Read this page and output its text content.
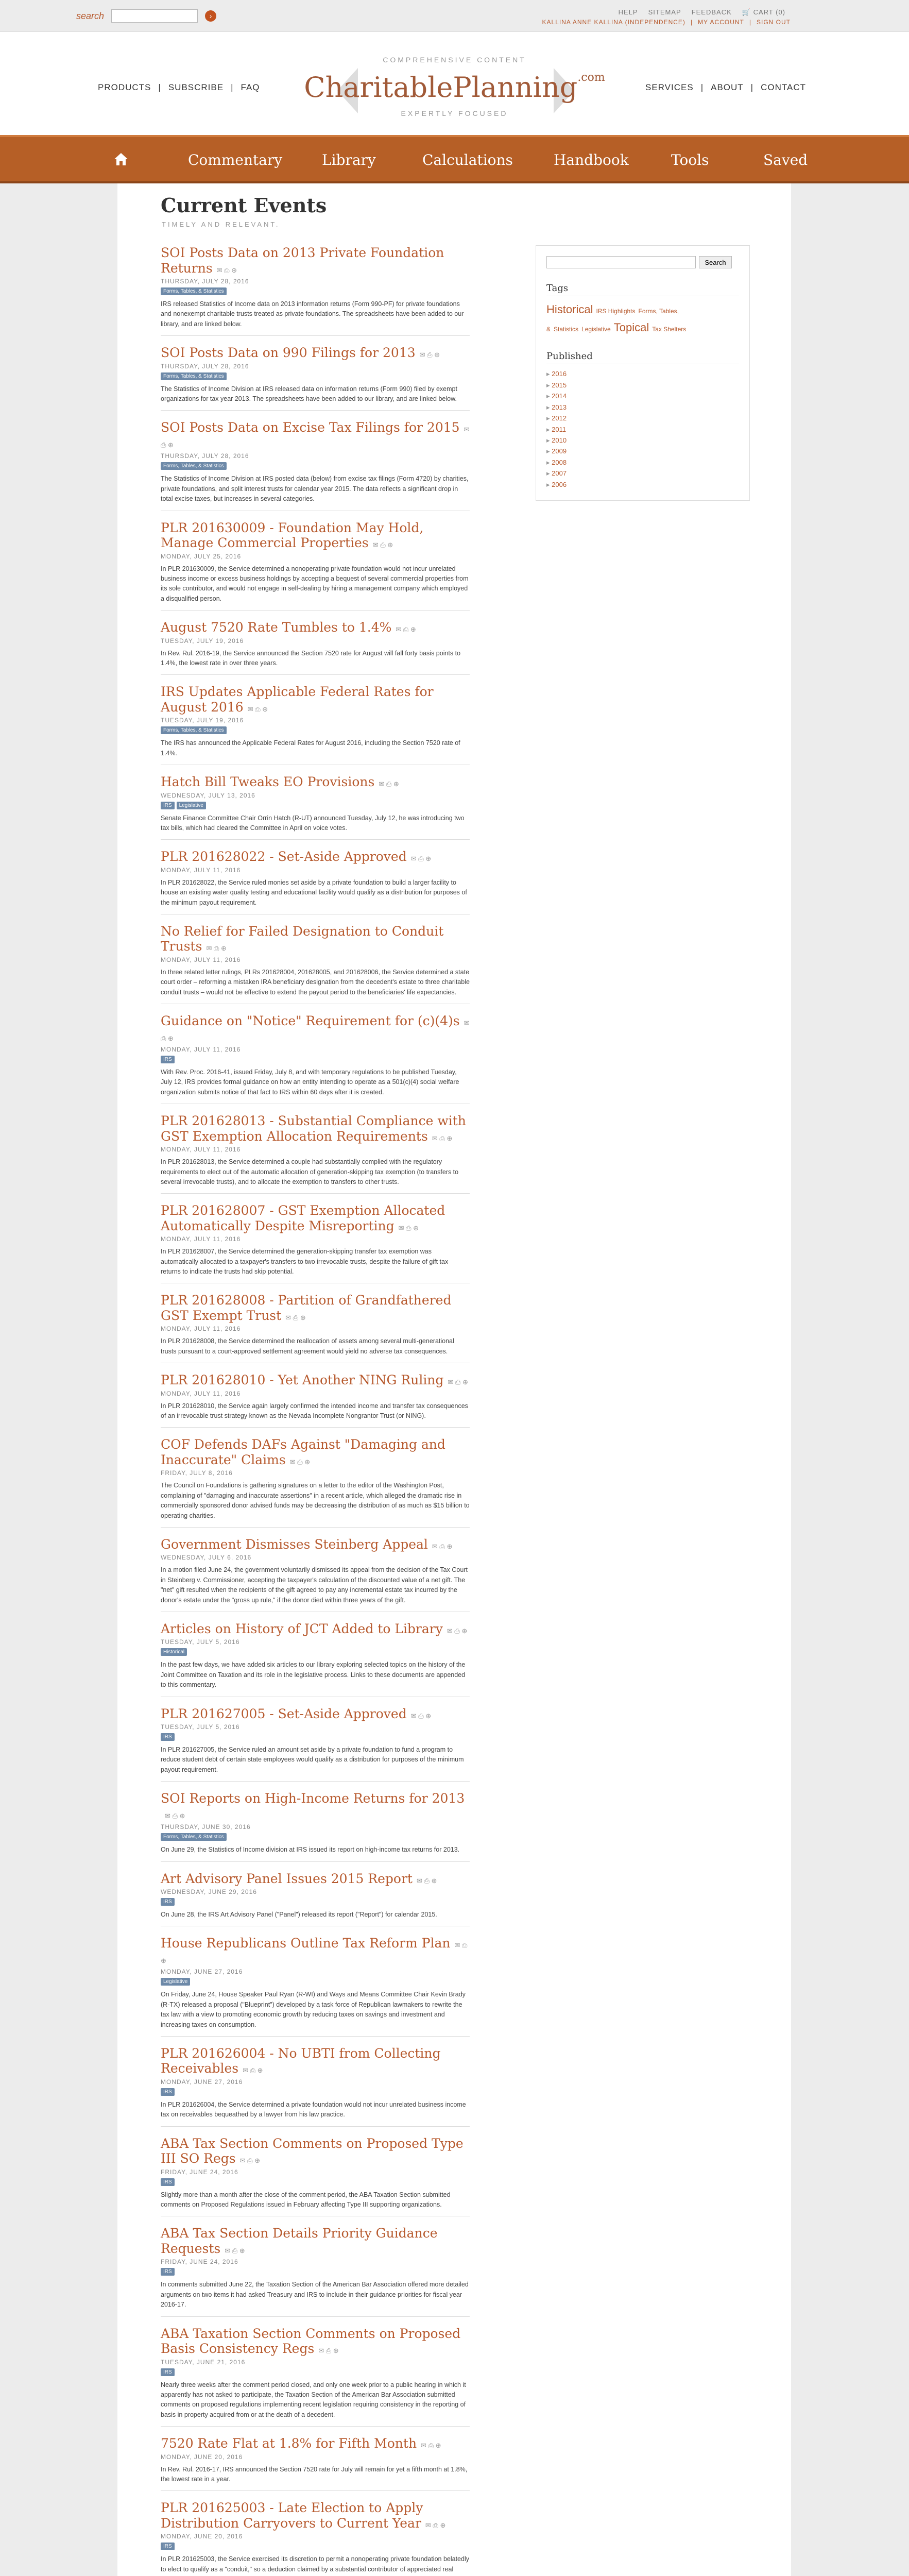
search	›	HELP SITEMAP FEEDBACK 🛒 CART (0)
KALLINA ANNE KALLINA (INDEPENDENCE) | MY ACCOUNT | SIGN OUT
COMPREHENSIVE CONTENT
CharitablePlanning$^{.com}$
EXPERTLY FOCUSED
PRODUCTS | SUBSCRIBE | FAQ	SERVICES | ABOUT | CONTACT
Commentary	Library	Calculations	Handbook	Tools	Saved
Current Events
TIMELY AND RELEVANT.
SOI Posts Data on 2013 Private Foundation Returns ✉ ⎙ ⊕
THURSDAY, JULY 28, 2016
Forms, Tables, & Statistics
IRS released Statistics of Income data on 2013 information returns (Form 990-PF) for private foundations and nonexempt charitable trusts treated as private foundations. The spreadsheets have been added to our library, and are linked below.
SOI Posts Data on 990 Filings for 2013 ✉ ⎙ ⊕
THURSDAY, JULY 28, 2016
Forms, Tables, & Statistics
The Statistics of Income Division at IRS released data on information returns (Form 990) filed by exempt organizations for tax year 2013. The spreadsheets have been added to our library, and are linked below.
SOI Posts Data on Excise Tax Filings for 2015 ✉ ⎙ ⊕
THURSDAY, JULY 28, 2016
Forms, Tables, & Statistics
The Statistics of Income Division at IRS posted data (below) from excise tax filings (Form 4720) by charities, private foundations, and split interest trusts for calendar year 2015. The data reflects a significant drop in total excise taxes, but increases in several categories.
PLR 201630009 - Foundation May Hold, Manage Commercial Properties ✉ ⎙ ⊕
MONDAY, JULY 25, 2016
In PLR 201630009, the Service determined a nonoperating private foundation would not incur unrelated business income or excess business holdings by accepting a bequest of several commercial properties from its sole contributor, and would not engage in self-dealing by hiring a management company which employed a disqualified person.
August 7520 Rate Tumbles to 1.4% ✉ ⎙ ⊕
TUESDAY, JULY 19, 2016
In Rev. Rul. 2016-19, the Service announced the Section 7520 rate for August will fall forty basis points to 1.4%, the lowest rate in over three years.
IRS Updates Applicable Federal Rates for August 2016 ✉ ⎙ ⊕
TUESDAY, JULY 19, 2016
Forms, Tables, & Statistics
The IRS has announced the Applicable Federal Rates for August 2016, including the Section 7520 rate of 1.4%.
Hatch Bill Tweaks EO Provisions ✉ ⎙ ⊕
WEDNESDAY, JULY 13, 2016
IRS	Legislative
Senate Finance Committee Chair Orrin Hatch (R-UT) announced Tuesday, July 12, he was introducing two tax bills, which had cleared the Committee in April on voice votes.
PLR 201628022 - Set-Aside Approved ✉ ⎙ ⊕
MONDAY, JULY 11, 2016
In PLR 201628022, the Service ruled monies set aside by a private foundation to build a larger facility to house an existing water quality testing and educational facility would qualify as a distribution for purposes of the minimum payout requirement.
No Relief for Failed Designation to Conduit Trusts ✉ ⎙ ⊕
MONDAY, JULY 11, 2016
In three related letter rulings, PLRs 201628004, 201628005, and 201628006, the Service determined a state court order – reforming a mistaken IRA beneficiary designation from the decedent's estate to three charitable conduit trusts – would not be effective to extend the payout period to the beneficiaries' life expectancies.
Guidance on "Notice" Requirement for (c)(4)s ✉ ⎙ ⊕
MONDAY, JULY 11, 2016
IRS
With Rev. Proc. 2016-41, issued Friday, July 8, and with temporary regulations to be published Tuesday, July 12, IRS provides formal guidance on how an entity intending to operate as a 501(c)(4) social welfare organization submits notice of that fact to IRS within 60 days after it is created.
PLR 201628013 - Substantial Compliance with GST Exemption Allocation Requirements ✉ ⎙ ⊕
MONDAY, JULY 11, 2016
In PLR 201628013, the Service determined a couple had substantially complied with the regulatory requirements to elect out of the automatic allocation of generation-skipping tax exemption (to transfers to several irrevocable trusts), and to allocate the exemption to transfers to other trusts.
PLR 201628007 - GST Exemption Allocated Automatically Despite Misreporting ✉ ⎙ ⊕
MONDAY, JULY 11, 2016
In PLR 201628007, the Service determined the generation-skipping transfer tax exemption was automatically allocated to a taxpayer's transfers to two irrevocable trusts, despite the failure of gift tax returns to indicate the trusts had skip potential.
PLR 201628008 - Partition of Grandfathered GST Exempt Trust ✉ ⎙ ⊕
MONDAY, JULY 11, 2016
In PLR 201628008, the Service determined the reallocation of assets among several multi-generational trusts pursuant to a court-approved settlement agreement would yield no adverse tax consequences.
PLR 201628010 - Yet Another NING Ruling ✉ ⎙ ⊕
MONDAY, JULY 11, 2016
In PLR 201628010, the Service again largely confirmed the intended income and transfer tax consequences of an irrevocable trust strategy known as the Nevada Incomplete Nongrantor Trust (or NING).
COF Defends DAFs Against "Damaging and Inaccurate" Claims ✉ ⎙ ⊕
FRIDAY, JULY 8, 2016
The Council on Foundations is gathering signatures on a letter to the editor of the Washington Post, complaining of "damaging and inaccurate assertions" in a recent article, which alleged the dramatic rise in commercially sponsored donor advised funds may be decreasing the distribution of as much as $15 billion to operating charities.
Government Dismisses Steinberg Appeal ✉ ⎙ ⊕
WEDNESDAY, JULY 6, 2016
In a motion filed June 24, the government voluntarily dismissed its appeal from the decision of the Tax Court in Steinberg v. Commissioner, accepting the taxpayer's calculation of the discounted value of a net gift. The "net" gift resulted when the recipients of the gift agreed to pay any incremental estate tax incurred by the donor's estate under the "gross up rule," if the donor died within three years of the gift.
Articles on History of JCT Added to Library ✉ ⎙ ⊕
TUESDAY, JULY 5, 2016
Historical
In the past few days, we have added six articles to our library exploring selected topics on the history of the Joint Committee on Taxation and its role in the legislative process. Links to these documents are appended to this commentary.
PLR 201627005 - Set-Aside Approved ✉ ⎙ ⊕
TUESDAY, JULY 5, 2016
IRS
In PLR 201627005, the Service ruled an amount set aside by a private foundation to fund a program to reduce student debt of certain state employees would qualify as a distribution for purposes of the minimum payout requirement.
SOI Reports on High-Income Returns for 2013✉ ⎙ ⊕
THURSDAY, JUNE 30, 2016
Forms, Tables, & Statistics
On June 29, the Statistics of Income division at IRS issued its report on high-income tax returns for 2013.
Art Advisory Panel Issues 2015 Report ✉ ⎙ ⊕
WEDNESDAY, JUNE 29, 2016
IRS
On June 28, the IRS Art Advisory Panel ("Panel") released its report ("Report") for calendar 2015.
House Republicans Outline Tax Reform Plan ✉ ⎙ ⊕
MONDAY, JUNE 27, 2016
Legislative
On Friday, June 24, House Speaker Paul Ryan (R-WI) and Ways and Means Committee Chair Kevin Brady (R-TX) released a proposal ("Blueprint") developed by a task force of Republican lawmakers to rewrite the tax law with a view to promoting economic growth by reducing taxes on savings and investment and increasing taxes on consumption.
PLR 201626004 - No UBTI from Collecting Receivables ✉ ⎙ ⊕
MONDAY, JUNE 27, 2016
IRS
In PLR 201626004, the Service determined a private foundation would not incur unrelated business income tax on receivables bequeathed by a lawyer from his law practice.
ABA Tax Section Comments on Proposed Type III SO Regs ✉ ⎙ ⊕
FRIDAY, JUNE 24, 2016
IRS
Slightly more than a month after the close of the comment period, the ABA Taxation Section submitted comments on Proposed Regulations issued in February affecting Type III supporting organizations.
ABA Tax Section Details Priority Guidance Requests ✉ ⎙ ⊕
FRIDAY, JUNE 24, 2016
IRS
In comments submitted June 22, the Taxation Section of the American Bar Association offered more detailed arguments on two items it had asked Treasury and IRS to include in their guidance priorities for fiscal year 2016-17.
ABA Taxation Section Comments on Proposed Basis Consistency Regs ✉ ⎙ ⊕
TUESDAY, JUNE 21, 2016
IRS
Nearly three weeks after the comment period closed, and only one week prior to a public hearing in which it apparently has not asked to participate, the Taxation Section of the American Bar Association submitted comments on proposed regulations implementing recent legislation requiring consistency in the reporting of basis in property acquired from or at the death of a decedent.
7520 Rate Flat at 1.8% for Fifth Month ✉ ⎙ ⊕
MONDAY, JUNE 20, 2016
In Rev. Rul. 2016-17, IRS announced the Section 7520 rate for July will remain for yet a fifth month at 1.8%, the lowest rate in a year.
PLR 201625003 - Late Election to Apply Distribution Carryovers to Current Year ✉ ⎙ ⊕
MONDAY, JUNE 20, 2016
IRS
In PLR 201625003, the Service exercised its discretion to permit a nonoperating private foundation belatedly to elect to qualify as a "conduit," so a deduction claimed by a substantial contributor of appreciated real
Search
Tags
Historical IRS Highlights Forms, Tables, & Statistics Legislative Topical Tax Shelters
Published
▸ 2016
▸ 2015
▸ 2014
▸ 2013
▸ 2012
▸ 2011
▸ 2010
▸ 2009
▸ 2008
▸ 2007
▸ 2006
